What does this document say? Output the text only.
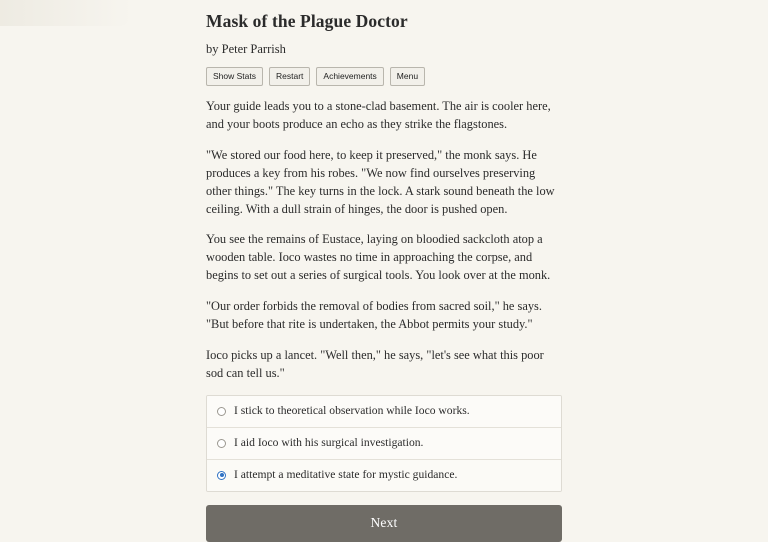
Mask of the Plague Doctor
by Peter Parrish
Show Stats	Restart	Achievements	Menu

Your guide leads you to a stone-clad basement. The air is cooler here, and your boots produce an echo as they strike the flagstones.

"We stored our food here, to keep it preserved," the monk says. He produces a key from his robes. "We now find ourselves preserving other things." The key turns in the lock. A stark sound beneath the low ceiling. With a dull strain of hinges, the door is pushed open.

You see the remains of Eustace, laying on bloodied sackcloth atop a wooden table. Ioco wastes no time in approaching the corpse, and begins to set out a series of surgical tools. You look over at the monk.

"Our order forbids the removal of bodies from sacred soil," he says. "But before that rite is undertaken, the Abbot permits your study."

Ioco picks up a lancet. "Well then," he says, "let's see what this poor sod can tell us."

I stick to theoretical observation while Ioco works.
I aid Ioco with his surgical investigation.
I attempt a meditative state for mystic guidance.
Next
